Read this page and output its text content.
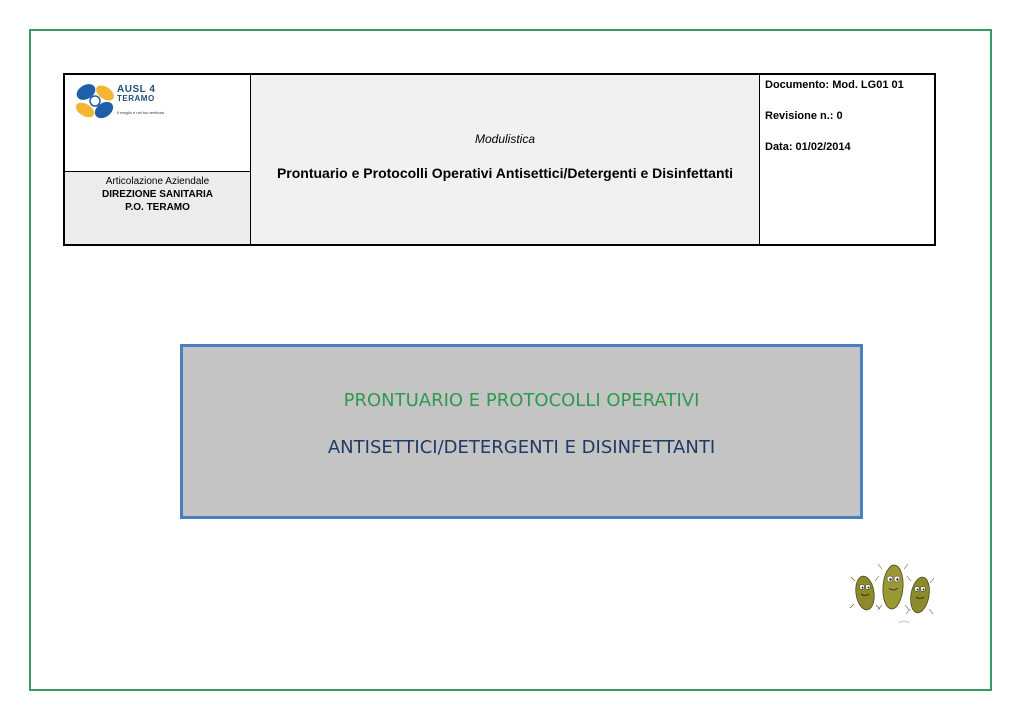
AUSL 4
TERAMO
Il meglio è nel tuo territorio
Articolazione Aziendale
DIREZIONE SANITARIA
P.O. TERAMO
Modulistica
Prontuario e Protocolli Operativi Antisettici/Detergenti e Disinfettanti
Documento: Mod. LG01 01
Revisione n.: 0
Data: 01/02/2014
PRONTUARIO E PROTOCOLLI OPERATIVI
ANTISETTICI/DETERGENTI E DISINFETTANTI
